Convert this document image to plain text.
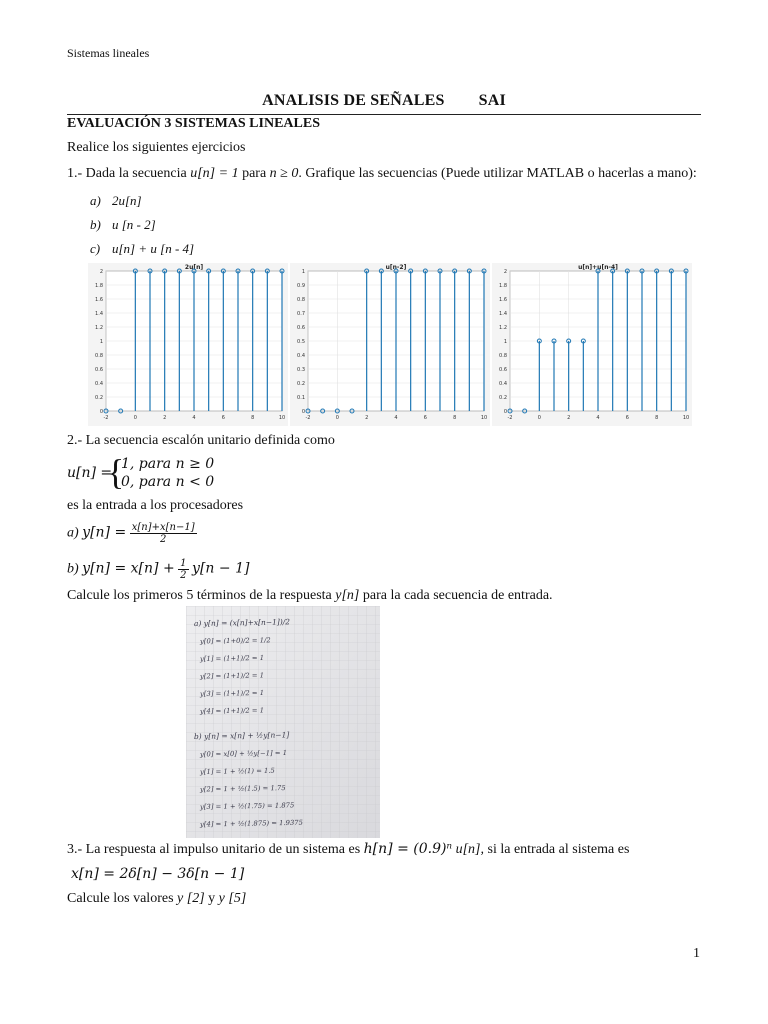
Sistemas lineales
ANALISIS DE SEÑALES SAI
EVALUACIÓN 3 SISTEMAS LINEALES
Realice los siguientes ejercicios
1.- Dada la secuencia u[n] = 1 para n ≥ 0. Grafique las secuencias (Puede utilizar MATLAB o hacerlas a mano):
a) 2u[n]
b) u [n - 2]
c) u[n] + u [n - 4]
0
0.2
0.4
0.6
0.8
1
1.2
1.4
1.6
1.8
2
-2	0	2	4	6	8	10
2u[n]
0
0.1
0.2
0.3
0.4
0.5
0.6
0.7
0.8
0.9
1
-2	0	2	4	6	8	10
u[n-2]
0
0.2
0.4
0.6
0.8
1
1.2
1.4
1.6
1.8
2
-2	0	2	4	6	8	10
u[n]+u[n-4]
2.- La secuencia escalón unitario definida como
u[n] =
{
1, para n ≥ 0
0, para n < 0
es la entrada a los procesadores
a) $y[n] = \frac{x[n]+x[n-1]}{2}$
b) $y[n] = x[n] + \frac{1}{2} y[n - 1]$
Calcule los primeros 5 términos de la respuesta y[n] para la cada secuencia de entrada.
a) y[n] = (x[n]+x[n−1])/2
y[0] = (1+0)/2 = 1/2
y[1] = (1+1)/2 = 1
y[2] = (1+1)/2 = 1
y[3] = (1+1)/2 = 1
y[4] = (1+1)/2 = 1
b) y[n] = x[n] + ½y[n−1]
y[0] = x[0] + ½y[−1] = 1
y[1] = 1 + ½(1) = 1.5
y[2] = 1 + ½(1.5) = 1.75
y[3] = 1 + ½(1.75) = 1.875
y[4] = 1 + ½(1.875) = 1.9375
3.- La respuesta al impulso unitario de un sistema es h[n] = (0.9)ⁿ u[n], si la entrada al sistema es
x[n] = 2δ[n] − 3δ[n − 1]
Calcule los valores y [2] y y [5]
1
